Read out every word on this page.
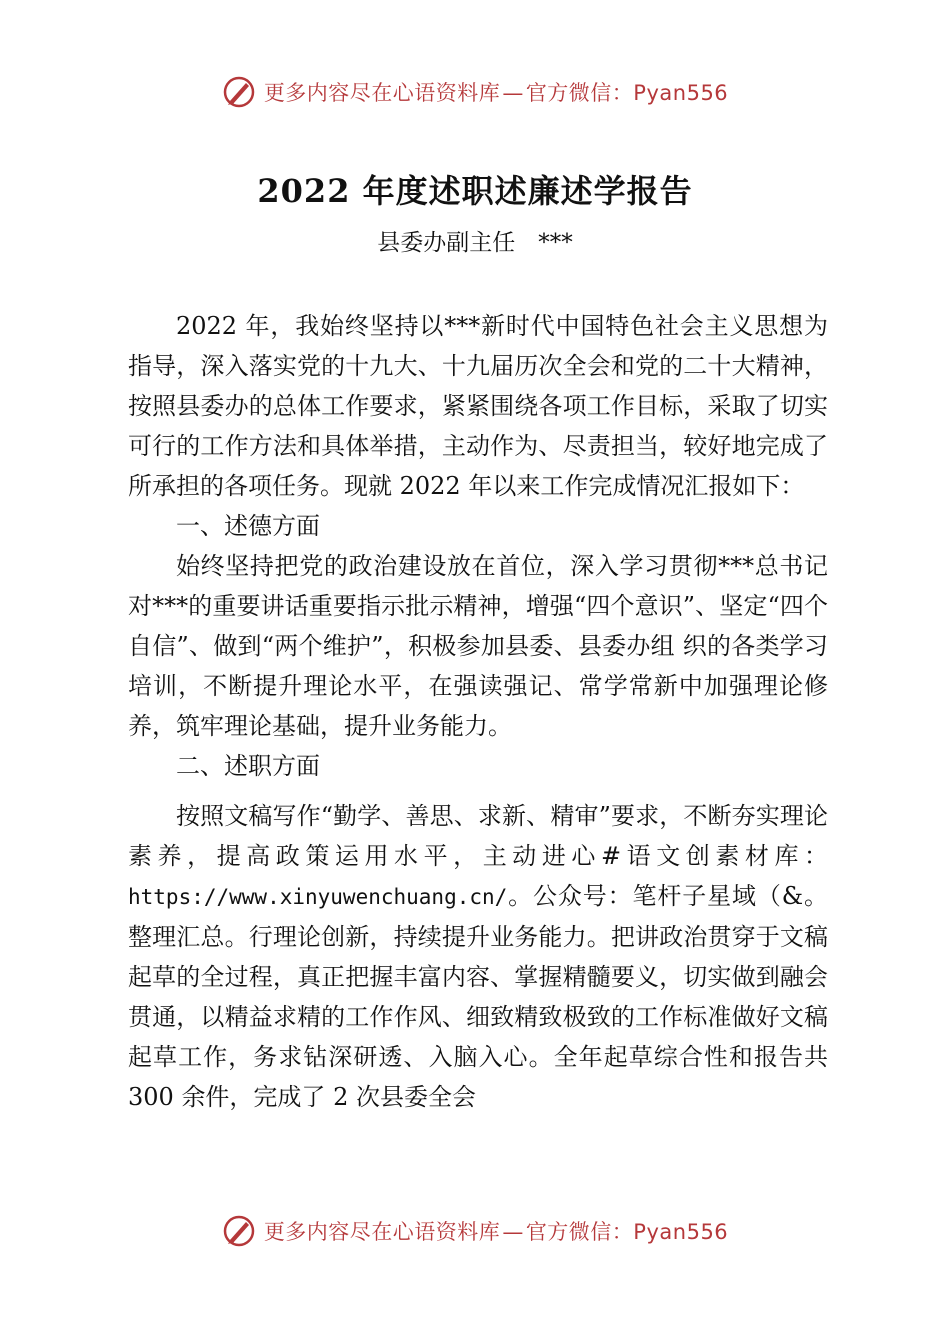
更多内容尽在心语资料库—官方微信：Pyan556
2022 年度述职述廉述学报告
县委办副主任　***

2022 年，我始终坚持以***新时代中国特色社会主义思想为指导，深入落实党的十九大、十九届历次全会和党的二十大精神，按照县委办的总体工作要求，紧紧围绕各项工作目标，采取了切实可行的工作方法和具体举措，主动作为、尽责担当，较好地完成了所承担的各项任务。现就 2022 年以来工作完成情况汇报如下：

一、述德方面

始终坚持把党的政治建设放在首位，深入学习贯彻***总书记对***的重要讲话重要指示批示精神，增强“四个意识”、坚定“四个自信”、做到“两个维护”，积极参加县委、县委办组 织的各类学习培训，不断提升理论水平，在强读强记、常学常新中加强理论修养，筑牢理论基础，提升业务能力。

二、述职方面

按照文稿写作“勤学、善思、求新、精审”要求，不断夯实理论素养，提高政策运用水平，主动进心#语文创素材库：https://www.xinyuwenchuang.cn/。公众号：笔杆子星域（&。整理汇总。行理论创新，持续提升业务能力。把讲政治贯穿于文稿起草的全过程，真正把握丰富内容、掌握精髓要义，切实做到融会贯通，以精益求精的工作作风、细致精致极致的工作标准做好文稿起草工作，务求钻深研透、入脑入心。全年起草综合性和报告共 300 余件，完成了 2 次县委全会

更多内容尽在心语资料库—官方微信：Pyan556
